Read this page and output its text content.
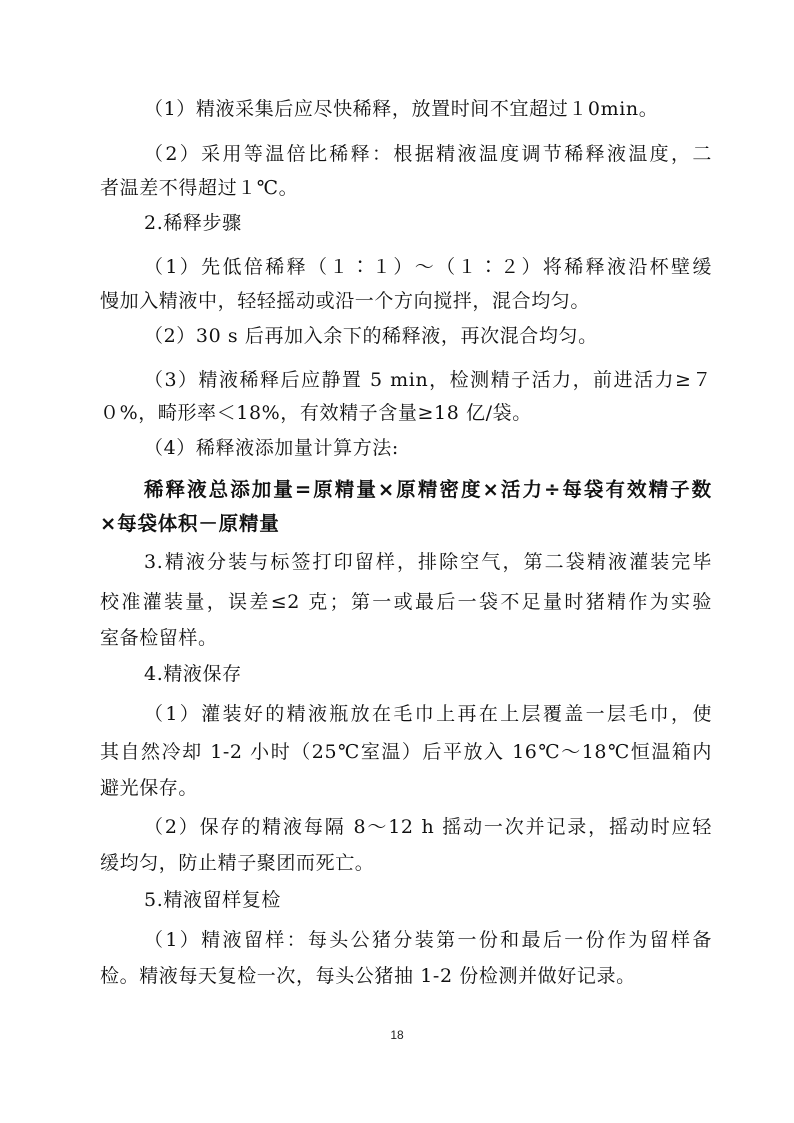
（1）精液采集后应尽快稀释，放置时间不宜超过１0min。
（2）采用等温倍比稀释：根据精液温度调节稀释液温度，二
者温差不得超过１℃。
2.稀释步骤
（1）先低倍稀释（１∶１）～（１∶２）将稀释液沿杯壁缓
慢加入精液中，轻轻摇动或沿一个方向搅拌，混合均匀。
（2）30 s 后再加入余下的稀释液，再次混合均匀。
（3）精液稀释后应静置 5 min，检测精子活力，前进活力≥７
０%，畸形率＜18%，有效精子含量≥18 亿/袋。
（4）稀释液添加量计算方法:
稀释液总添加量=原精量×原精密度×活力÷每袋有效精子数
×每袋体积－原精量
3.精液分装与标签打印留样，排除空气，第二袋精液灌装完毕
校准灌装量，误差≤2 克；第一或最后一袋不足量时猪精作为实验
室备检留样。
4.精液保存
（1）灌装好的精液瓶放在毛巾上再在上层覆盖一层毛巾，使
其自然冷却 1-2 小时（25℃室温）后平放入 16℃～18℃恒温箱内
避光保存。
（2）保存的精液每隔 8～12 h 摇动一次并记录，摇动时应轻
缓均匀，防止精子聚团而死亡。
5.精液留样复检
（1）精液留样：每头公猪分装第一份和最后一份作为留样备
检。精液每天复检一次，每头公猪抽 1-2 份检测并做好记录。
18
